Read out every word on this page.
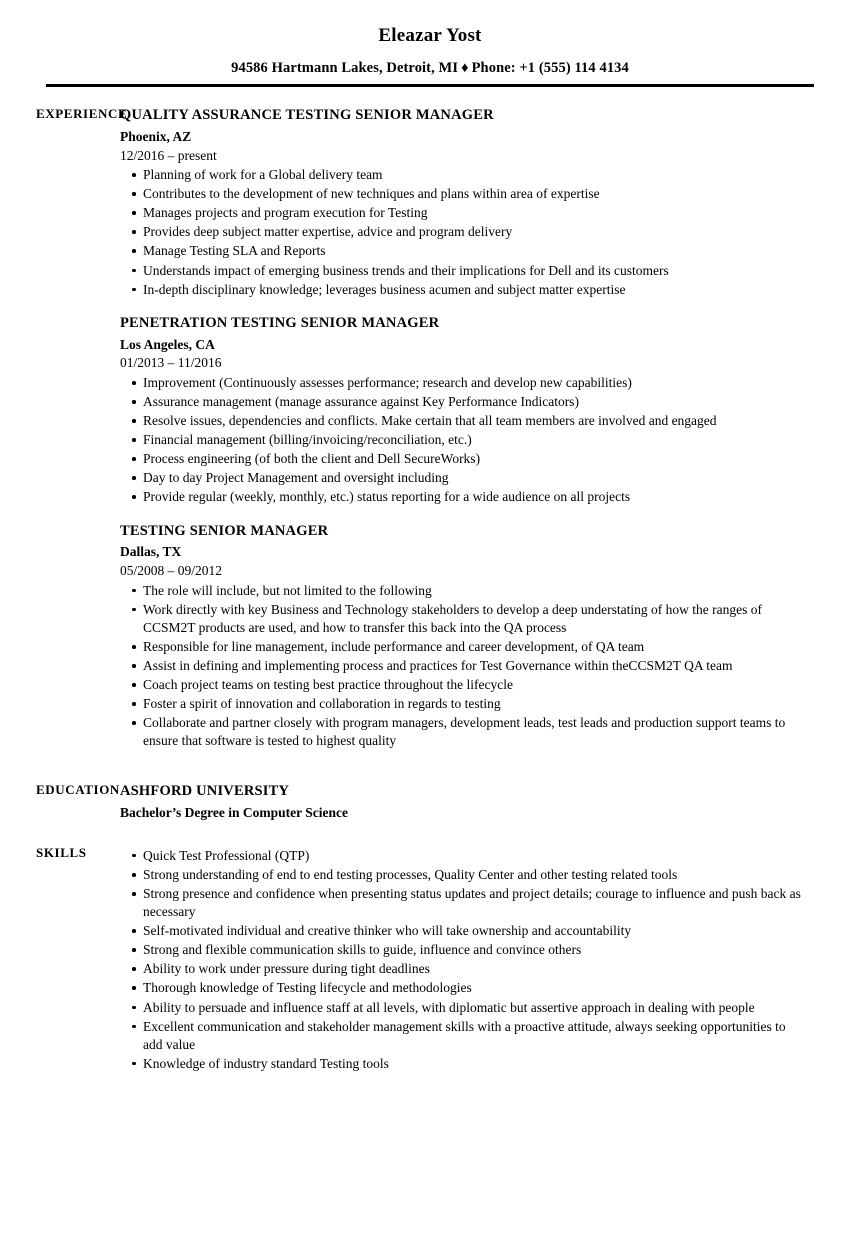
Eleazar Yost
94586 Hartmann Lakes, Detroit, MI ♦ Phone: +1 (555) 114 4134
EXPERIENCE
QUALITY ASSURANCE TESTING SENIOR MANAGER
Phoenix, AZ
12/2016 – present
Planning of work for a Global delivery team
Contributes to the development of new techniques and plans within area of expertise
Manages projects and program execution for Testing
Provides deep subject matter expertise, advice and program delivery
Manage Testing SLA and Reports
Understands impact of emerging business trends and their implications for Dell and its customers
In-depth disciplinary knowledge; leverages business acumen and subject matter expertise
PENETRATION TESTING SENIOR MANAGER
Los Angeles, CA
01/2013 – 11/2016
Improvement (Continuously assesses performance; research and develop new capabilities)
Assurance management (manage assurance against Key Performance Indicators)
Resolve issues, dependencies and conflicts. Make certain that all team members are involved and engaged
Financial management (billing/invoicing/reconciliation, etc.)
Process engineering (of both the client and Dell SecureWorks)
Day to day Project Management and oversight including
Provide regular (weekly, monthly, etc.) status reporting for a wide audience on all projects
TESTING SENIOR MANAGER
Dallas, TX
05/2008 – 09/2012
The role will include, but not limited to the following
Work directly with key Business and Technology stakeholders to develop a deep understating of how the ranges of CCSM2T products are used, and how to transfer this back into the QA process
Responsible for line management, include performance and career development, of QA team
Assist in defining and implementing process and practices for Test Governance within theCCSM2T QA team
Coach project teams on testing best practice throughout the lifecycle
Foster a spirit of innovation and collaboration in regards to testing
Collaborate and partner closely with program managers, development leads, test leads and production support teams to ensure that software is tested to highest quality
EDUCATION ASHFORD UNIVERSITY
Bachelor’s Degree in Computer Science
SKILLS	Quick Test Professional (QTP)
Strong understanding of end to end testing processes, Quality Center and other testing related tools
Strong presence and confidence when presenting status updates and project details; courage to influence and push back as necessary
Self-motivated individual and creative thinker who will take ownership and accountability
Strong and flexible communication skills to guide, influence and convince others
Ability to work under pressure during tight deadlines
Thorough knowledge of Testing lifecycle and methodologies
Ability to persuade and influence staff at all levels, with diplomatic but assertive approach in dealing with people
Excellent communication and stakeholder management skills with a proactive attitude, always seeking opportunities to add value
Knowledge of industry standard Testing tools
